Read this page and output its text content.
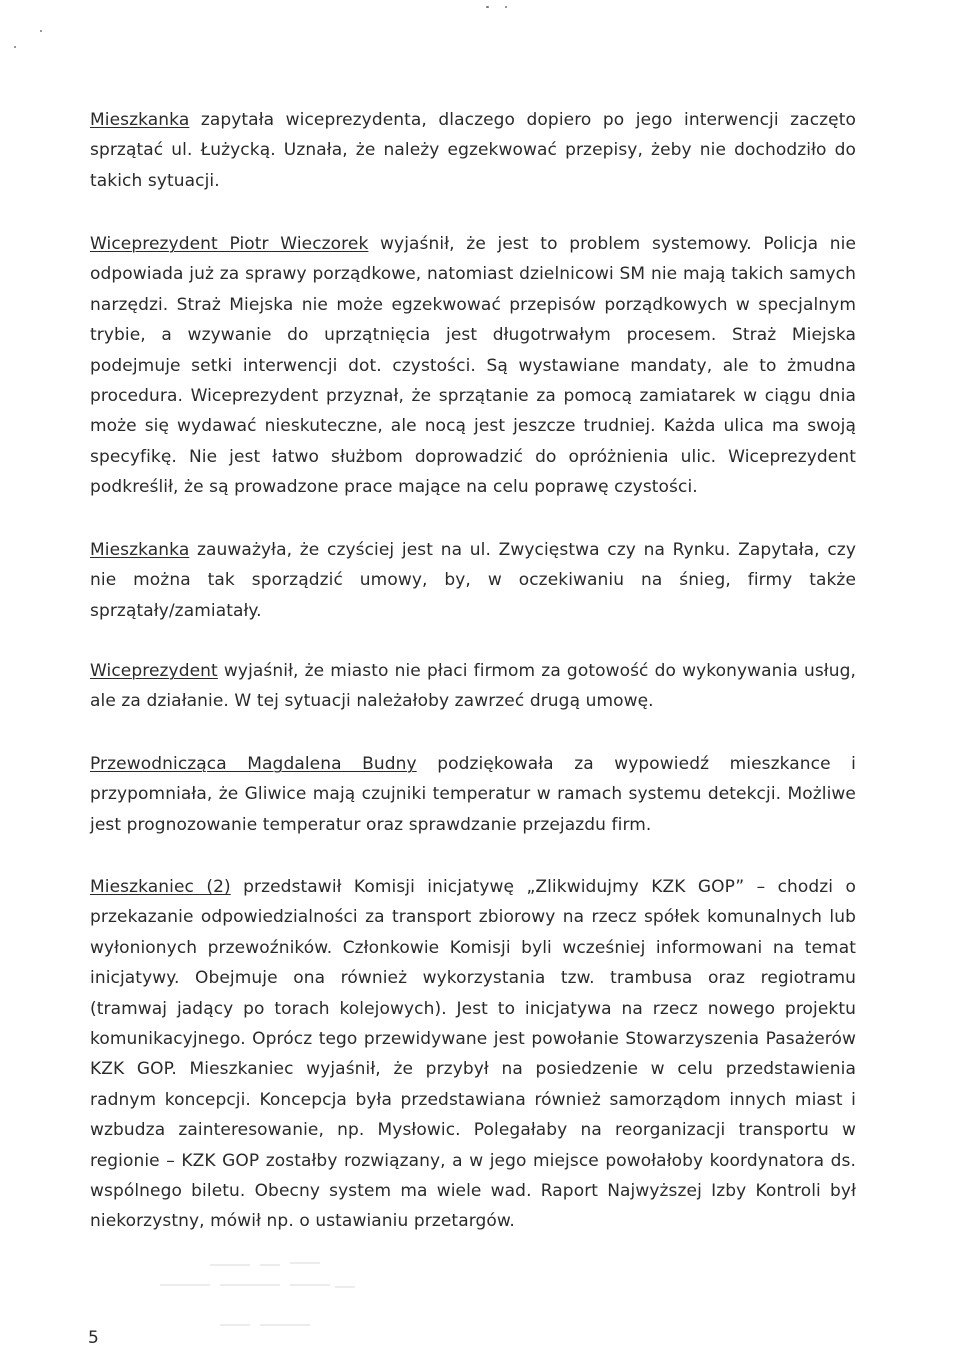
Mieszkanka zapytała wiceprezydenta, dlaczego dopiero po jego interwencji zaczęto sprzątać ul. Łużycką. Uznała, że należy egzekwować przepisy, żeby nie dochodziło do takich sytuacji.

Wiceprezydent Piotr Wieczorek wyjaśnił, że jest to problem systemowy. Policja nie odpowiada już za sprawy porządkowe, natomiast dzielnicowi SM nie mają takich samych narzędzi. Straż Miejska nie może egzekwować przepisów porządkowych w specjalnym trybie, a wzywanie do uprzątnięcia jest długotrwałym procesem. Straż Miejska podejmuje setki interwencji dot. czystości. Są wystawiane mandaty, ale to żmudna procedura. Wiceprezydent przyznał, że sprzątanie za pomocą zamiatarek w ciągu dnia może się wydawać nieskuteczne, ale nocą jest jeszcze trudniej. Każda ulica ma swoją specyfikę. Nie jest łatwo służbom doprowadzić do opróżnienia ulic. Wiceprezydent podkreślił, że są prowadzone prace mające na celu poprawę czystości.

Mieszkanka zauważyła, że czyściej jest na ul. Zwycięstwa czy na Rynku. Zapytała, czy nie można tak sporządzić umowy, by, w oczekiwaniu na śnieg, firmy także sprzątały/zamiatały.

Wiceprezydent wyjaśnił, że miasto nie płaci firmom za gotowość do wykonywania usług, ale za działanie. W tej sytuacji należałoby zawrzeć drugą umowę.

Przewodnicząca Magdalena Budny podziękowała za wypowiedź mieszkance i przypomniała, że Gliwice mają czujniki temperatur w ramach systemu detekcji. Możliwe jest prognozowanie temperatur oraz sprawdzanie przejazdu firm.

Mieszkaniec (2) przedstawił Komisji inicjatywę „Zlikwidujmy KZK GOP” – chodzi o przekazanie odpowiedzialności za transport zbiorowy na rzecz spółek komunalnych lub wyłonionych przewoźników. Członkowie Komisji byli wcześniej informowani na temat inicjatywy. Obejmuje ona również wykorzystania tzw. trambusa oraz regiotramu (tramwaj jadący po torach kolejowych). Jest to inicjatywa na rzecz nowego projektu komunikacyjnego. Oprócz tego przewidywane jest powołanie Stowarzyszenia Pasażerów KZK GOP. Mieszkaniec wyjaśnił, że przybył na posiedzenie w celu przedstawienia radnym koncepcji. Koncepcja była przedstawiana również samorządom innych miast i wzbudza zainteresowanie, np. Mysłowic. Polegałaby na reorganizacji transportu w regionie – KZK GOP zostałby rozwiązany, a w jego miejsce powołałoby koordynatora ds. wspólnego biletu. Obecny system ma wiele wad. Raport Najwyższej Izby Kontroli był niekorzystny, mówił np. o ustawianiu przetargów.

5
